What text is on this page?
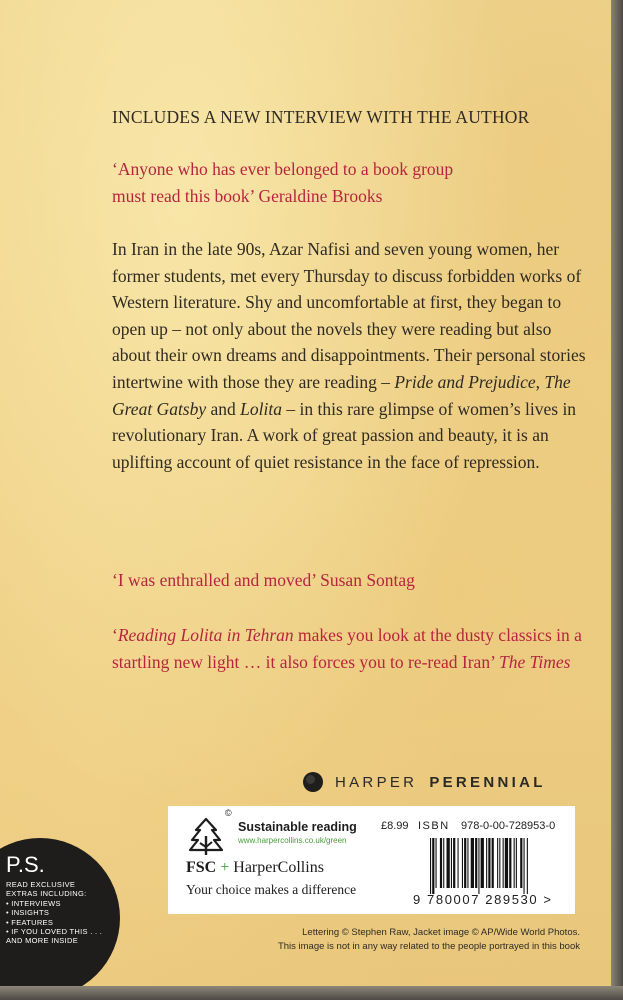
INCLUDES A NEW INTERVIEW WITH THE AUTHOR
‘Anyone who has ever belonged to a book group
must read this book’ Geraldine Brooks
In Iran in the late 90s, Azar Nafisi and seven young women, her former students, met every Thursday to discuss forbidden works of Western literature. Shy and uncomfortable at first, they began to open up – not only about the novels they were reading but also about their own dreams and disappointments. Their personal stories intertwine with those they are reading – Pride and Prejudice, The Great Gatsby and Lolita – in this rare glimpse of women’s lives in revolutionary Iran. A work of great passion and beauty, it is an uplifting account of quiet resistance in the face of repression.
‘I was enthralled and moved’ Susan Sontag
‘Reading Lolita in Tehran makes you look at the dusty classics in a startling new light … it also forces you to re-read Iran’ The Times
HARPER PERENNIAL
©
Sustainable reading
www.harpercollins.co.uk/green
FSC + HarperCollins
Your choice makes a difference
£8.99 ISBN 978-0-00-728953-0
9 780007 289530 >
Lettering © Stephen Raw, Jacket image © AP/Wide World Photos.
This image is not in any way related to the people portrayed in this book
P.S.
READ EXCLUSIVE
EXTRAS INCLUDING:
• INTERVIEWS
• INSIGHTS
• FEATURES
• IF YOU LOVED THIS . . .
AND MORE INSIDE
